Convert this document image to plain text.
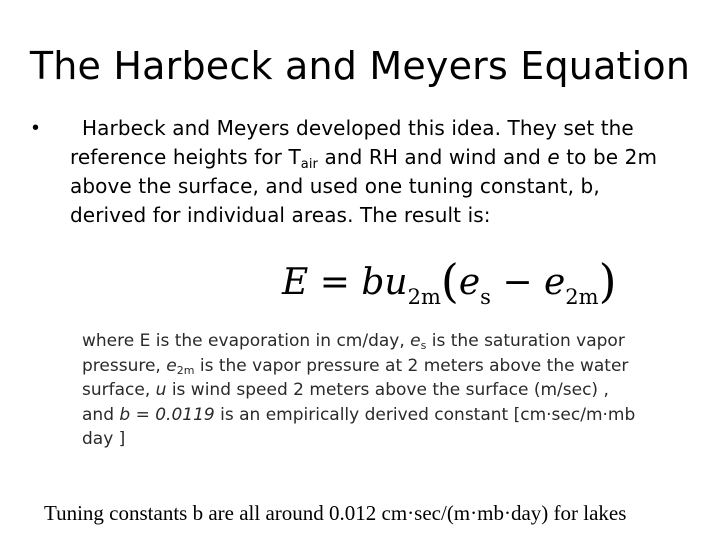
The Harbeck and Meyers Equation
•	Harbeck and Meyers developed this idea. They set the reference heights for $T_{air}$ and RH and wind and e to be 2m above the surface, and used one tuning constant, b, derived for individual areas. The result is:
$E = bu_{2m}(e_s - e_{2m})$
where E is the evaporation in cm/day, $e_s$ is the saturation vapor pressure, $e_{2m}$ is the vapor pressure at 2 meters above the water surface, u is wind speed 2 meters above the surface (m/sec) , and b = 0.0119 is an empirically derived constant [cm·sec/m·mb day ]
Tuning constants b are all around 0.012 cm·sec/(m·mb·day) for lakes
